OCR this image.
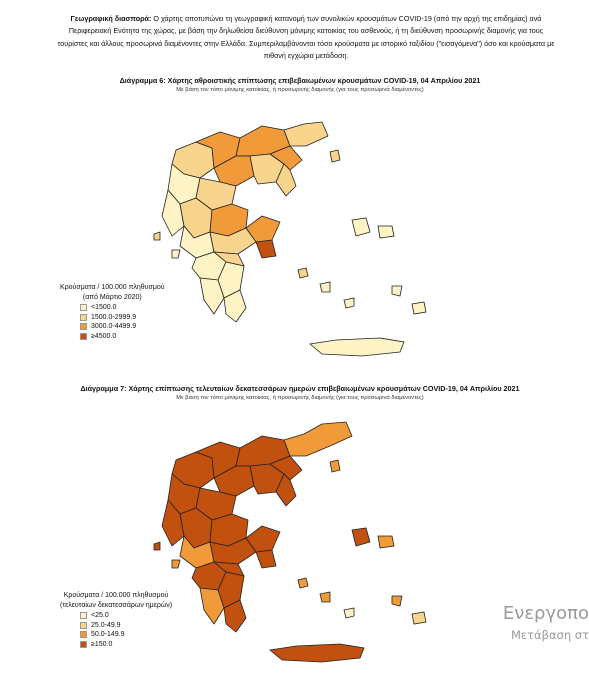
Γεωγραφική διασπορά: Ο χάρτης αποτυπώνει τη γεωγραφική κατανομή των συνολικών κρουσμάτων COVID-19 (από την αρχή της επιδημίας) ανά Περιφερειακή Ενότητα της χώρας, με βάση την δηλωθείσα διεύθυνση μόνιμης κατοικίας του ασθενούς, ή τη διεύθυνση προσωρινής διαμονής για τους τουρίστες και άλλους προσωρινά διαμένοντες στην Ελλάδα. Συμπεριλαμβάνονται τόσο κρούσματα με ιστορικό ταξιδίου ("εισαγόμενα") όσο και κρούσματα με πιθανή εγχώρια μετάδοση.
Διάγραμμα 6: Χάρτης αθροιστικής επίπτωσης επιβεβαιωμένων κρουσμάτων COVID-19, 04 Απριλίου 2021
Με βάση τον τόπο μόνιμης κατοικίας, ή προσωρινής διαμονής (για τους προσωρινά διαμένοντες)
Κρούσματα / 100.000 πληθυσμού
(από Μάρτιο 2020)
<1500.0
1500.0-2999.9
3000.0-4499.9
≥4500.0
Διάγραμμα 7: Χάρτης επίπτωσης τελευταίων δεκατεσσάρων ημερών επιβεβαιωμένων κρουσμάτων COVID-19, 04 Απριλίου 2021
Με βάση τον τόπο μόνιμης κατοικίας, ή προσωρινής διαμονής (για τους προσωρινά διαμένοντες)
Κρούσματα / 100.000 πληθυσμού
(τελευταίων δεκατεσσάρων ημερών)
<25.0
25.0-49.9
50.0-149.9
≥150.0
Ενεργοπο
Μετάβαση στ
